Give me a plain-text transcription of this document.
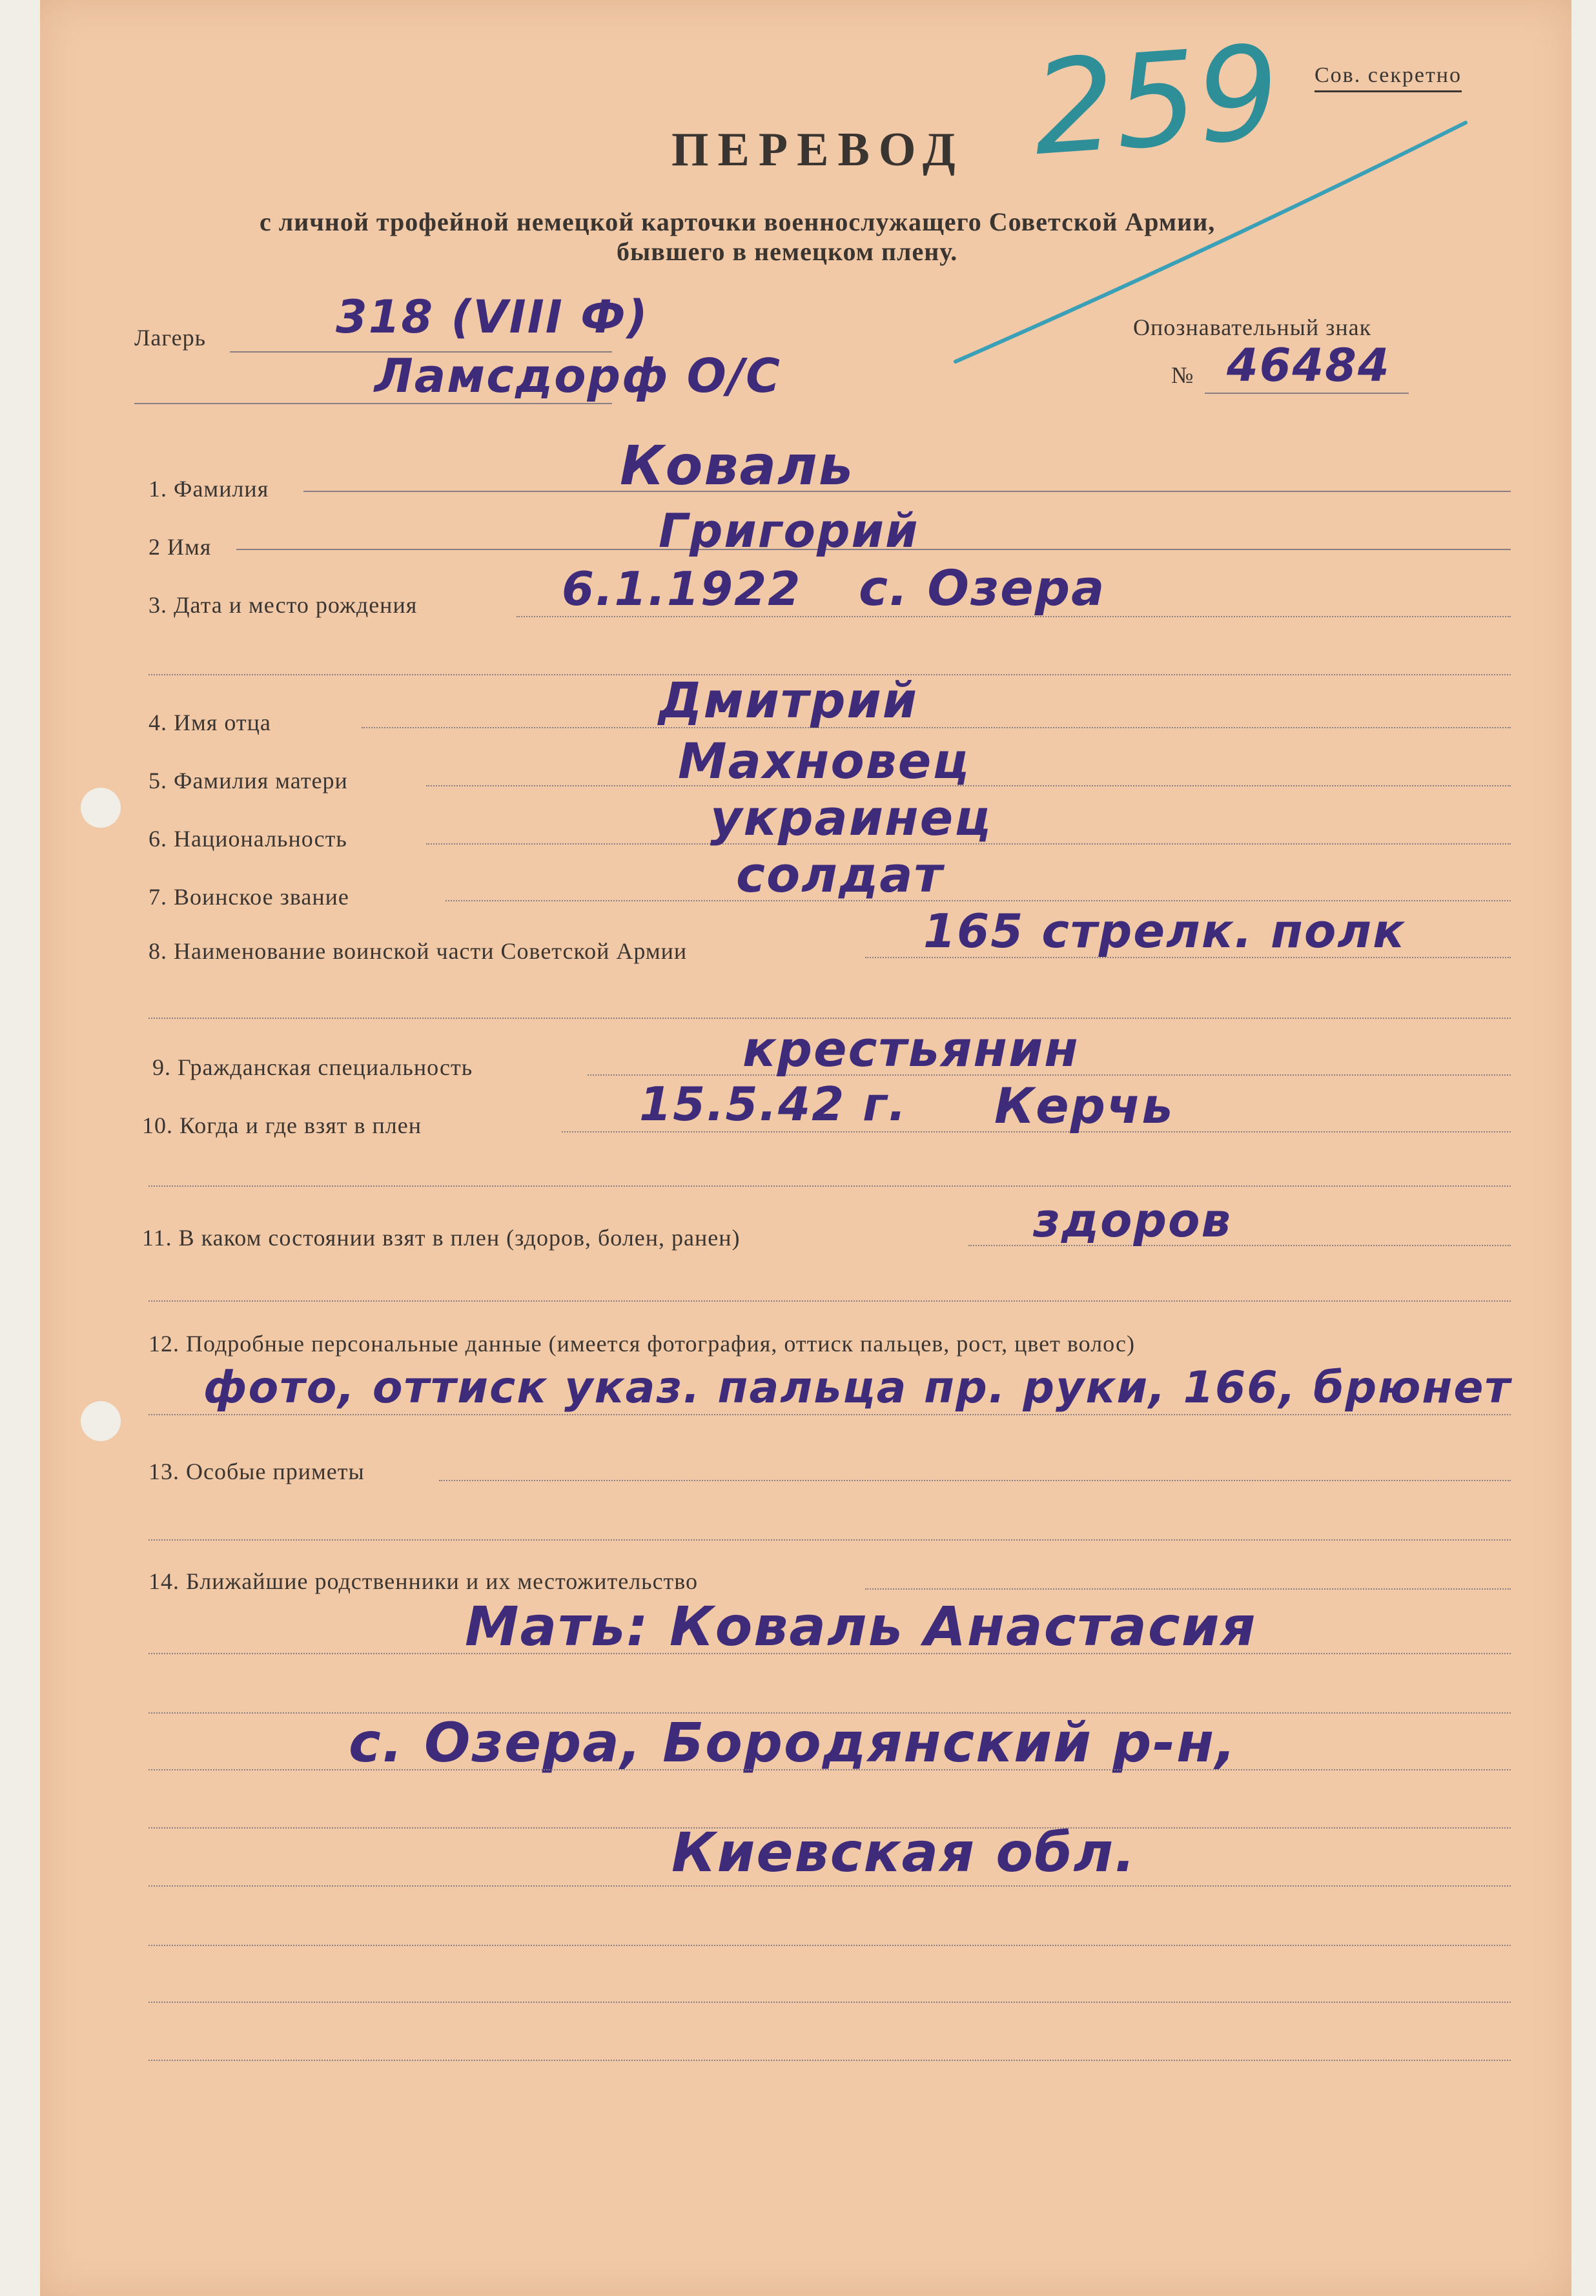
Сов. секретно
259
ПЕРЕВОД
с личной трофейной немецкой карточки военнослужащего Советской Армии,
бывшего в немецком плену.
Лагерь	318 (VIII Ф)
Ламсдорф О/С
Опознавательный знак
№ 46484
1. Фамилия	Коваль
2 Имя	Григорий
3. Дата и место рождения	6.1.1922 с. Озера
4. Имя отца	Дмитрий
5. Фамилия матери	Махновец
6. Национальность	украинец
7. Воинское звание	солдат
8. Наименование воинской части Советской Армии	165 стрелк. полк
9. Гражданская специальность	крестьянин
10. Когда и где взят в плен	15.5.42 г. Керчь
11. В каком состоянии взят в плен (здоров, болен, ранен)	здоров
12. Подробные персональные данные (имеется фотография, оттиск пальцев, рост, цвет волос)
фото, оттиск указ. пальца пр. руки, 166, брюнет
13. Особые приметы
14. Ближайшие родственники и их местожительство
Мать: Коваль Анастасия
с. Озера, Бородянский р-н,
Киевская обл.
